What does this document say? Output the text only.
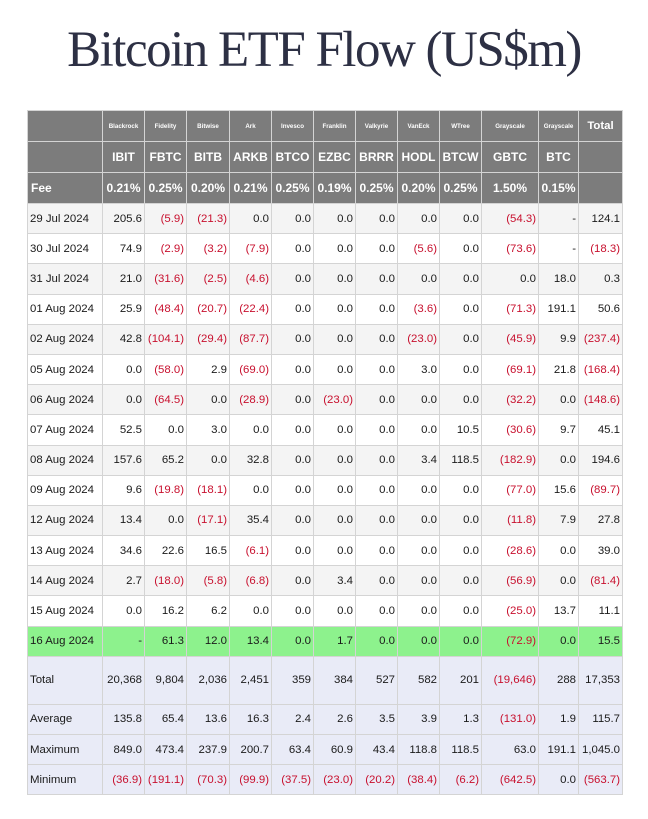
Bitcoin ETF Flow (US$m)
	Blackrock	Fidelity	Bitwise	Ark	Invesco	Franklin	Valkyrie	VanEck	WTree	Grayscale	Grayscale	Total
	IBIT	FBTC	BITB	ARKB	BTCO	EZBC	BRRR	HODL	BTCW	GBTC	BTC	
Fee	0.21%	0.25%	0.20%	0.21%	0.25%	0.19%	0.25%	0.20%	0.25%	1.50%	0.15%	
29 Jul 2024	205.6	(5.9)	(21.3)	0.0	0.0	0.0	0.0	0.0	0.0	(54.3)	-	124.1
30 Jul 2024	74.9	(2.9)	(3.2)	(7.9)	0.0	0.0	0.0	(5.6)	0.0	(73.6)	-	(18.3)
31 Jul 2024	21.0	(31.6)	(2.5)	(4.6)	0.0	0.0	0.0	0.0	0.0	0.0	18.0	0.3
01 Aug 2024	25.9	(48.4)	(20.7)	(22.4)	0.0	0.0	0.0	(3.6)	0.0	(71.3)	191.1	50.6
02 Aug 2024	42.8	(104.1)	(29.4)	(87.7)	0.0	0.0	0.0	(23.0)	0.0	(45.9)	9.9	(237.4)
05 Aug 2024	0.0	(58.0)	2.9	(69.0)	0.0	0.0	0.0	3.0	0.0	(69.1)	21.8	(168.4)
06 Aug 2024	0.0	(64.5)	0.0	(28.9)	0.0	(23.0)	0.0	0.0	0.0	(32.2)	0.0	(148.6)
07 Aug 2024	52.5	0.0	3.0	0.0	0.0	0.0	0.0	0.0	10.5	(30.6)	9.7	45.1
08 Aug 2024	157.6	65.2	0.0	32.8	0.0	0.0	0.0	3.4	118.5	(182.9)	0.0	194.6
09 Aug 2024	9.6	(19.8)	(18.1)	0.0	0.0	0.0	0.0	0.0	0.0	(77.0)	15.6	(89.7)
12 Aug 2024	13.4	0.0	(17.1)	35.4	0.0	0.0	0.0	0.0	0.0	(11.8)	7.9	27.8
13 Aug 2024	34.6	22.6	16.5	(6.1)	0.0	0.0	0.0	0.0	0.0	(28.6)	0.0	39.0
14 Aug 2024	2.7	(18.0)	(5.8)	(6.8)	0.0	3.4	0.0	0.0	0.0	(56.9)	0.0	(81.4)
15 Aug 2024	0.0	16.2	6.2	0.0	0.0	0.0	0.0	0.0	0.0	(25.0)	13.7	11.1
16 Aug 2024	-	61.3	12.0	13.4	0.0	1.7	0.0	0.0	0.0	(72.9)	0.0	15.5
Total	20,368	9,804	2,036	2,451	359	384	527	582	201	(19,646)	288	17,353
Average	135.8	65.4	13.6	16.3	2.4	2.6	3.5	3.9	1.3	(131.0)	1.9	115.7
Maximum	849.0	473.4	237.9	200.7	63.4	60.9	43.4	118.8	118.5	63.0	191.1	1,045.0
Minimum	(36.9)	(191.1)	(70.3)	(99.9)	(37.5)	(23.0)	(20.2)	(38.4)	(6.2)	(642.5)	0.0	(563.7)
